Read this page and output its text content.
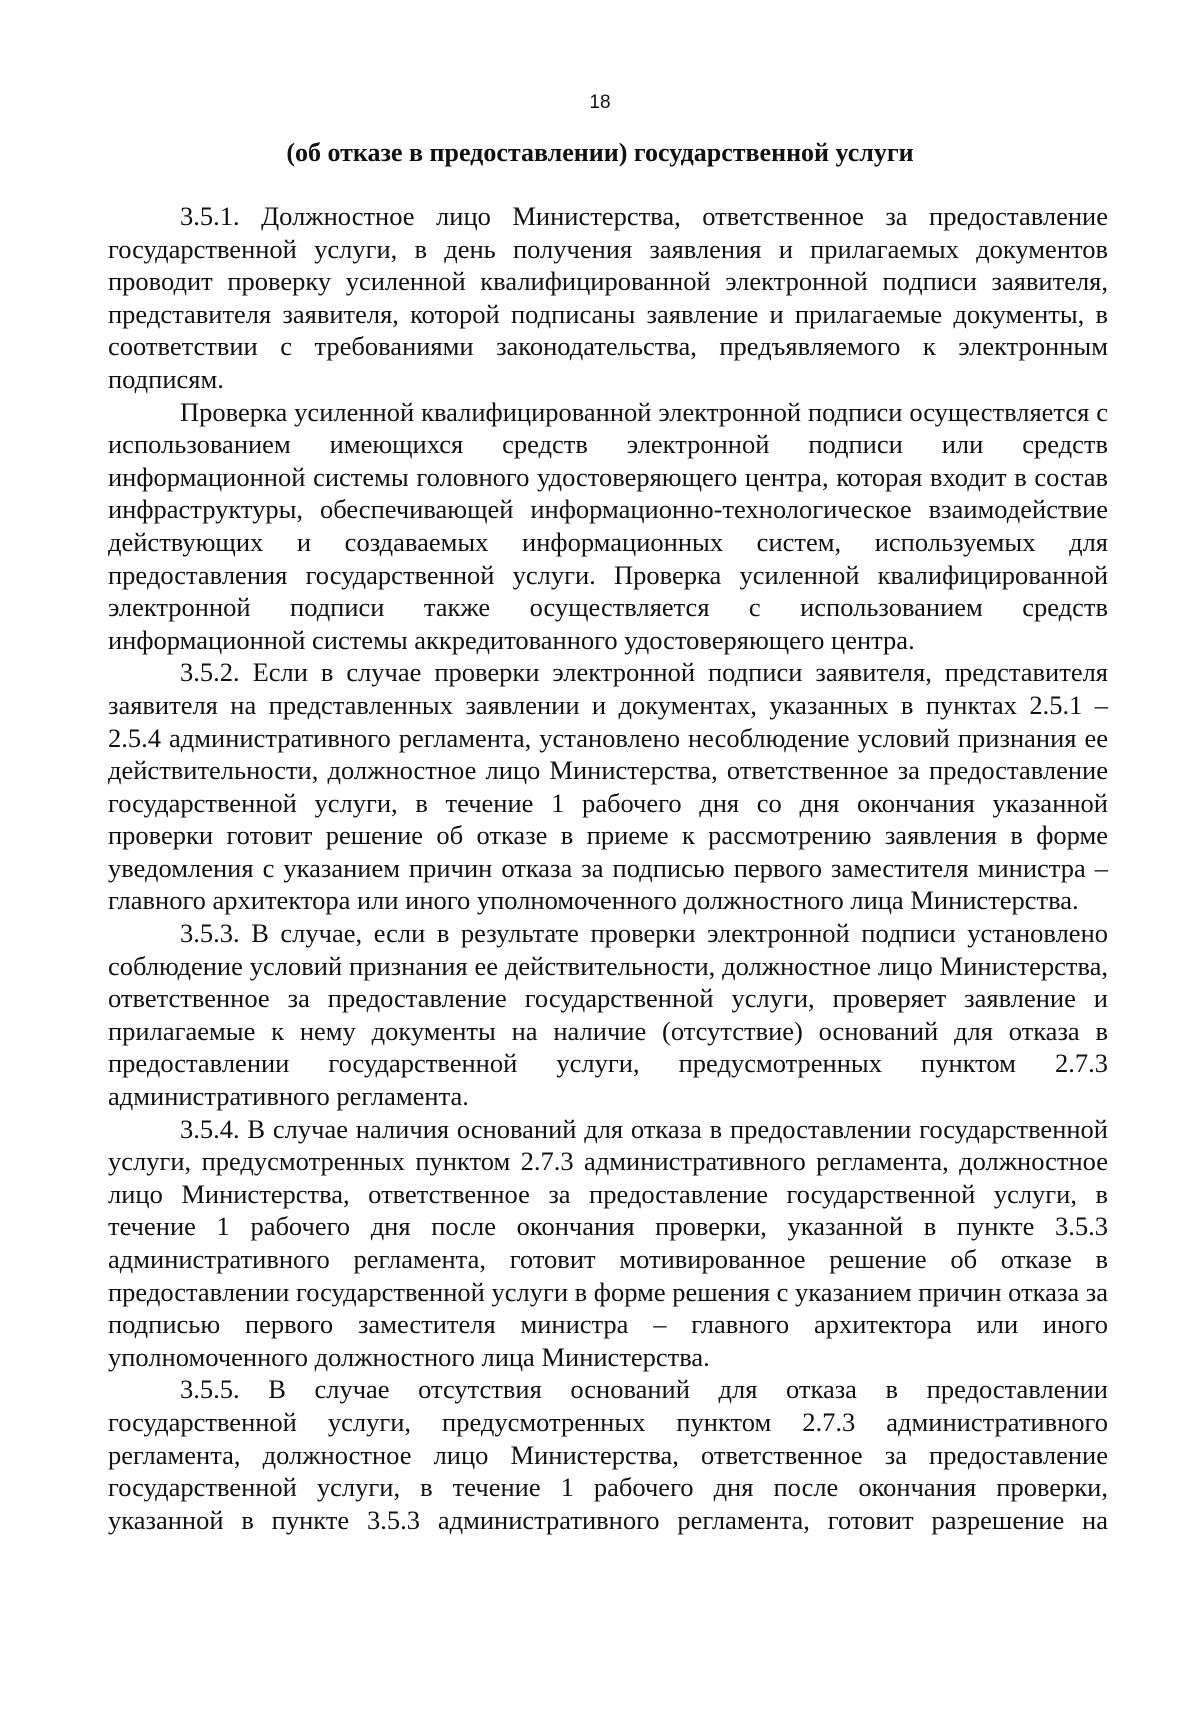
18
(об отказе в предоставлении) государственной услуги

3.5.1. Должностное лицо Министерства, ответственное за предоставление государственной услуги, в день получения заявления и прилагаемых документов проводит проверку усиленной квалифицированной электронной подписи заявителя, представителя заявителя, которой подписаны заявление и прилагаемые документы, в соответствии с требованиями законодательства, предъявляемого к электронным подписям.

Проверка усиленной квалифицированной электронной подписи осуществляется с использованием имеющихся средств электронной подписи или средств информационной системы головного удостоверяющего центра, которая входит в состав инфраструктуры, обеспечивающей информационно-технологическое взаимодействие действующих и создаваемых информационных систем, используемых для предоставления государственной услуги. Проверка усиленной квалифицированной электронной подписи также осуществляется с использованием средств информационной системы аккредитованного удостоверяющего центра.

3.5.2. Если в случае проверки электронной подписи заявителя, представителя заявителя на представленных заявлении и документах, указанных в пунктах 2.5.1 – 2.5.4 административного регламента, установлено несоблюдение условий признания ее действительности, должностное лицо Министерства, ответственное за предоставление государственной услуги, в течение 1 рабочего дня со дня окончания указанной проверки готовит решение об отказе в приеме к рассмотрению заявления в форме уведомления с указанием причин отказа за подписью первого заместителя министра – главного архитектора или иного уполномоченного должностного лица Министерства.

3.5.3. В случае, если в результате проверки электронной подписи установлено соблюдение условий признания ее действительности, должностное лицо Министерства, ответственное за предоставление государственной услуги, проверяет заявление и прилагаемые к нему документы на наличие (отсутствие) оснований для отказа в предоставлении государственной услуги, предусмотренных пунктом 2.7.3 административного регламента.

3.5.4. В случае наличия оснований для отказа в предоставлении государственной услуги, предусмотренных пунктом 2.7.3 административного регламента, должностное лицо Министерства, ответственное за предоставление государственной услуги, в течение 1 рабочего дня после окончания проверки, указанной в пункте 3.5.3 административного регламента, готовит мотивированное решение об отказе в предоставлении государственной услуги в форме решения с указанием причин отказа за подписью первого заместителя министра – главного архитектора или иного уполномоченного должностного лица Министерства.

3.5.5. В случае отсутствия оснований для отказа в предоставлении государственной услуги, предусмотренных пунктом 2.7.3 административного регламента, должностное лицо Министерства, ответственное за предоставление государственной услуги, в течение 1 рабочего дня после окончания проверки, указанной в пункте 3.5.3 административного регламента, готовит разрешение на
